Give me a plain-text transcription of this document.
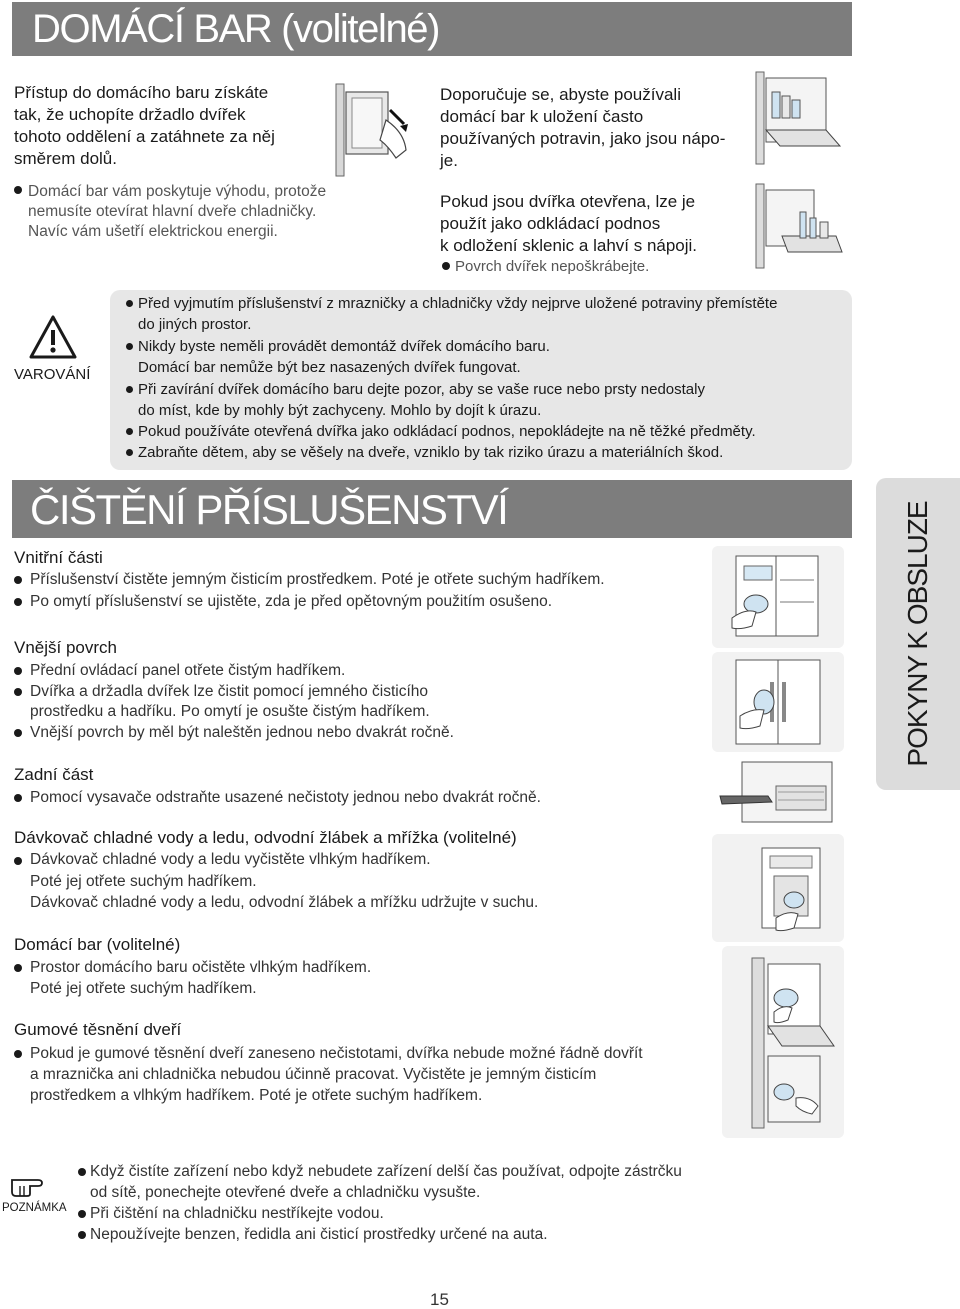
DOMÁCÍ BAR (volitelné)
Přístup do domácího baru získáte
tak, že uchopíte držadlo dvířek
tohoto oddělení a zatáhnete za něj
směrem dolů.
Domácí bar vám poskytuje výhodu, protože
nemusíte otevírat hlavní dveře chladničky.
Navíc vám ušetří elektrickou energii.
Doporučuje se, abyste používali
domácí bar k uložení často
používaných potravin, jako jsou nápo-
je.
Pokud jsou dvířka otevřena, lze je
použít jako odkládací podnos
k odložení sklenic a lahví s nápoji.
Povrch dvířek nepoškrábejte.
VAROVÁNÍ
Před vyjmutím příslušenství z mrazničky a chladničky vždy nejprve uložené potraviny přemístěte
do jiných prostor.
Nikdy byste neměli provádět demontáž dvířek domácího baru.
Domácí bar nemůže být bez nasazených dvířek fungovat.
Při zavírání dvířek domácího baru dejte pozor, aby se vaše ruce nebo prsty nedostaly
do míst, kde by mohly být zachyceny. Mohlo by dojít k úrazu.
Pokud používáte otevřená dvířka jako odkládací podnos, nepokládejte na ně těžké předměty.
Zabraňte dětem, aby se věšely na dveře, vzniklo by tak riziko úrazu a materiálních škod.
ČIŠTĚNÍ PŘÍSLUŠENSTVÍ	POKYNY K OBSLUZE
Vnitřní části
Příslušenství čistěte jemným čisticím prostředkem. Poté je otřete suchým hadříkem.
Po omytí příslušenství se ujistěte, zda je před opětovným použitím osušeno.
Vnější povrch
Přední ovládací panel otřete čistým hadříkem.
Dvířka a držadla dvířek lze čistit pomocí jemného čisticího
prostředku a hadříku. Po omytí je osušte čistým hadříkem.
Vnější povrch by měl být naleštěn jednou nebo dvakrát ročně.
Zadní část
Pomocí vysavače odstraňte usazené nečistoty jednou nebo dvakrát ročně.
Dávkovač chladné vody a ledu, odvodní žlábek a mřížka (volitelné)
Dávkovač chladné vody a ledu vyčistěte vlhkým hadříkem.
Poté jej otřete suchým hadříkem.
Dávkovač chladné vody a ledu, odvodní žlábek a mřížku udržujte v suchu.
Domácí bar (volitelné)
Prostor domácího baru očistěte vlhkým hadříkem.
Poté jej otřete suchým hadříkem.
Gumové těsnění dveří
Pokud je gumové těsnění dveří zaneseno nečistotami, dvířka nebude možné řádně dovřít
a mraznička ani chladnička nebudou účinně pracovat. Vyčistěte je jemným čisticím
prostředkem a vlhkým hadříkem. Poté je otřete suchým hadříkem.
POZNÁMKA
Když čistíte zařízení nebo když nebudete zařízení delší čas používat, odpojte zástrčku
od sítě, ponechejte otevřené dveře a chladničku vysušte.
Při čištění na chladničku nestříkejte vodou.
Nepoužívejte benzen, ředidla ani čisticí prostředky určené na auta.
15
